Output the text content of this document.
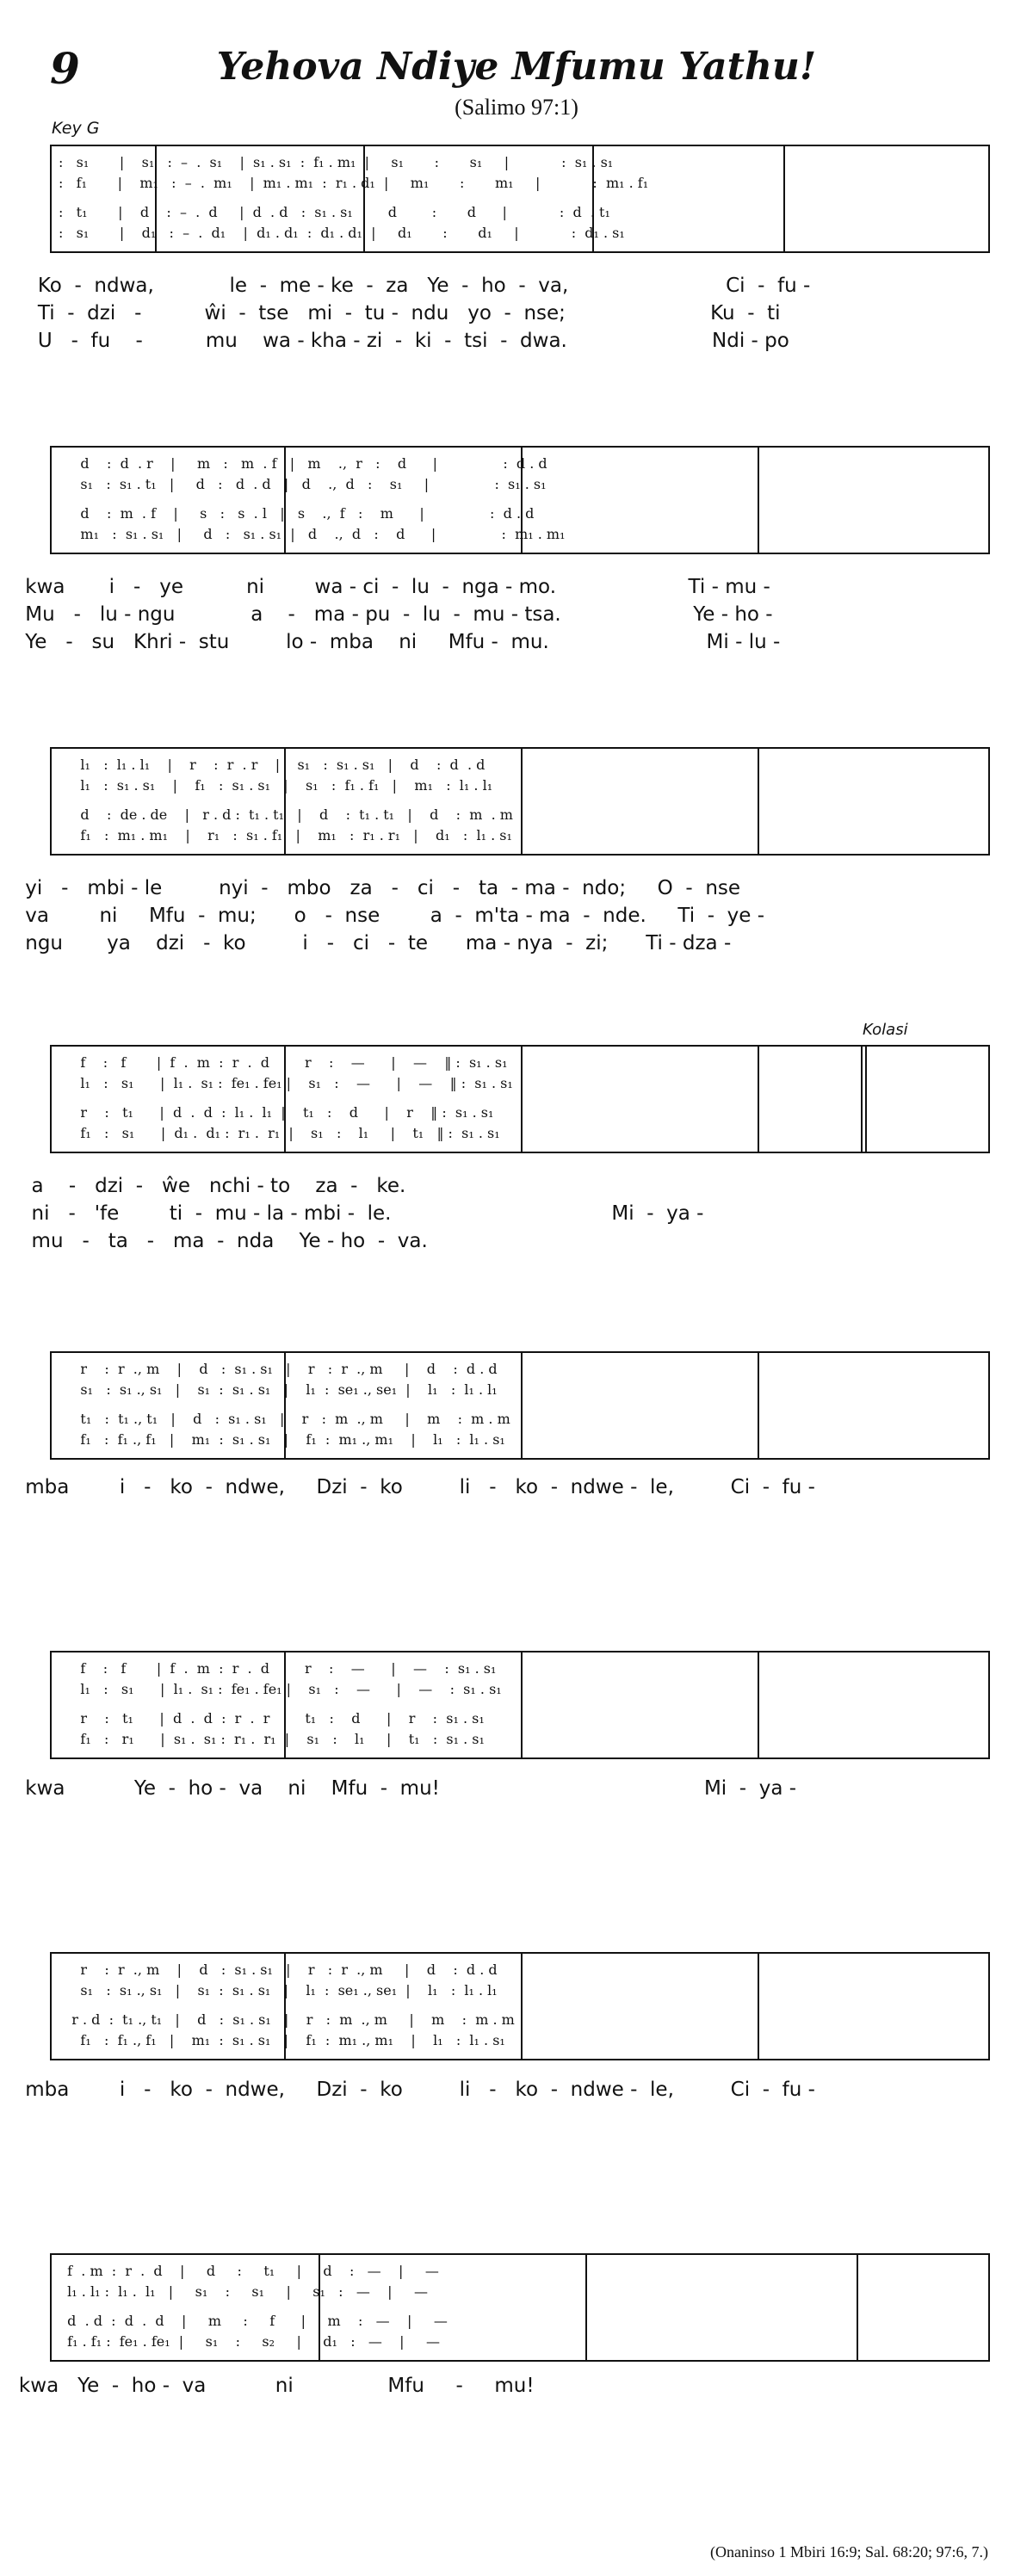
9	Yehova Ndiye Mfumu Yathu!
(Salimo 97:1)
Key G
Kolasi
:   s₁       |    s₁   :  –  .  s₁    |  s₁ . s₁  :  f₁ . m₁  |     s₁       :       s₁     |            :  s₁ . s₁
:   f₁       |    m₁   :  –  .  m₁    |  m₁ . m₁  :  r₁ . d₁  |     m₁       :       m₁     |            :  m₁ . f₁
:   t₁       |    d    :  –  .  d     |  d  . d   :  s₁ . s₁  |     d        :       d      |            :  d  . t₁
:   s₁       |    d₁   :  –  .  d₁    |  d₁ . d₁  :  d₁ . d₁  |     d₁       :       d₁     |            :  d₁ . s₁
Ko  -  ndwa,            le  -  me - ke  -  za   Ye  -  ho  -  va,                         Ci  -  fu -
Ti  -  dzi   -          ŵi  -  tse   mi  -  tu -  ndu   yo  -  nse;                       Ku  -  ti
U   -  fu    -          mu    wa - kha - zi  -  ki  -  tsi  -  dwa.                       Ndi - po
d    :  d  . r    |     m   :   m  . f   |   m    .,  r   :    d      |               :  d . d
s₁   :  s₁ . t₁   |     d   :   d  . d   |   d    .,  d   :    s₁     |               :  s₁ . s₁
d    :  m  . f    |     s   :   s  . l   |   s    .,  f   :    m      |               :  d . d
m₁   :  s₁ . s₁   |     d   :   s₁ . s₁  |   d    .,  d   :    d      |               :  m₁ . m₁
kwa       i   -   ye          ni        wa - ci  -  lu  -  nga - mo.                     Ti - mu -
Mu   -   lu - ngu            a    -   ma - pu  -  lu  -  mu - tsa.                     Ye - ho -
Ye   -   su   Khri -  stu         lo -  mba    ni     Mfu -  mu.                         Mi - lu -
l₁   :  l₁ . l₁    |    r    :  r  . r    |    s₁   :  s₁ . s₁   |    d    :  d  . d
l₁   :  s₁ . s₁    |    f₁   :  s₁ . s₁   |    s₁   :  f₁ . f₁   |    m₁   :  l₁ . l₁
d    :  de . de    |   r . d :  t₁ . t₁   |    d    :  t₁ . t₁   |    d    :  m  . m
f₁   :  m₁ . m₁    |    r₁   :  s₁ . f₁   |    m₁   :  r₁ . r₁   |    d₁   :  l₁ . s₁
yi   -   mbi - le         nyi  -   mbo   za   -   ci   -   ta  - ma -  ndo;     O  -  nse
va        ni     Mfu  -  mu;      o   -  nse        a  -  m'ta - ma  -  nde.     Ti  -  ye -
ngu       ya    dzi   -  ko         i   -   ci   -  te      ma - nya  -  zi;      Ti - dza -
f    :   f       |  f  .  m  :  r  .  d   |    r    :    —      |    —    ‖ :  s₁ . s₁
l₁   :   s₁      |  l₁ .  s₁ :  fe₁ . fe₁ |    s₁   :    —      |    —    ‖ :  s₁ . s₁
r    :   t₁      |  d  .  d  :  l₁ .  l₁  |    t₁   :    d      |    r    ‖ :  s₁ . s₁
f₁   :   s₁      |  d₁ .  d₁ :  r₁ .  r₁  |    s₁   :    l₁     |    t₁   ‖ :  s₁ . s₁
a    -   dzi  -   ŵe   nchi - to    za  -   ke.
ni   -   'fe        ti  -  mu - la - mbi -  le.                                   Mi  -  ya -
mu   -   ta   -   ma  -  nda    Ye - ho  -  va.
r    :  r  ., m    |    d   :  s₁ . s₁   |    r   :  r  ., m     |    d    :  d . d
s₁   :  s₁ ., s₁   |    s₁  :  s₁ . s₁   |    l₁  :  se₁ ., se₁  |    l₁   :  l₁ . l₁
t₁   :  t₁ ., t₁   |    d   :  s₁ . s₁   |    r   :  m  ., m     |    m    :  m . m
f₁   :  f₁ ., f₁   |    m₁  :  s₁ . s₁   |    f₁  :  m₁ ., m₁    |    l₁   :  l₁ . s₁
mba        i   -   ko  -  ndwe,     Dzi  -  ko         li   -   ko  -  ndwe -  le,         Ci  -  fu -
f    :   f       |  f  .  m  :  r  .  d   |    r    :    —      |    —    :  s₁ . s₁
l₁   :   s₁      |  l₁ .  s₁ :  fe₁ . fe₁ |    s₁   :    —      |    —    :  s₁ . s₁
r    :   t₁      |  d  .  d  :  r  .  r   |    t₁   :    d      |    r    :  s₁ . s₁
f₁   :   r₁      |  s₁ .  s₁ :  r₁ .  r₁  |    s₁   :    l₁     |    t₁   :  s₁ . s₁
kwa           Ye  -  ho -  va    ni    Mfu  -  mu!                                          Mi  -  ya -
r    :  r  ., m    |    d   :  s₁ . s₁   |    r   :  r  ., m     |    d    :  d . d
s₁   :  s₁ ., s₁   |    s₁  :  s₁ . s₁   |    l₁  :  se₁ ., se₁  |    l₁   :  l₁ . l₁
r . d  :  t₁ ., t₁   |    d   :  s₁ . s₁   |    r   :  m  ., m     |    m    :  m . m
f₁   :  f₁ ., f₁   |    m₁  :  s₁ . s₁   |    f₁  :  m₁ ., m₁    |    l₁   :  l₁ . s₁
mba        i   -   ko  -  ndwe,     Dzi  -  ko         li   -   ko  -  ndwe -  le,         Ci  -  fu -
f  . m  :  r  .  d    |     d     :     t₁     |     d    :   —    |     —
l₁ . l₁ :  l₁ .  l₁   |     s₁    :     s₁     |     s₁   :   —    |     —
d  . d  :  d  .  d    |     m     :     f      |     m    :   —    |     —
f₁ . f₁ :  fe₁ . fe₁  |     s₁    :     s₂     |     d₁   :   —    |     —
kwa   Ye  -  ho -  va           ni               Mfu     -     mu!
(Onaninso 1 Mbiri 16:9; Sal. 68:20; 97:6, 7.)
